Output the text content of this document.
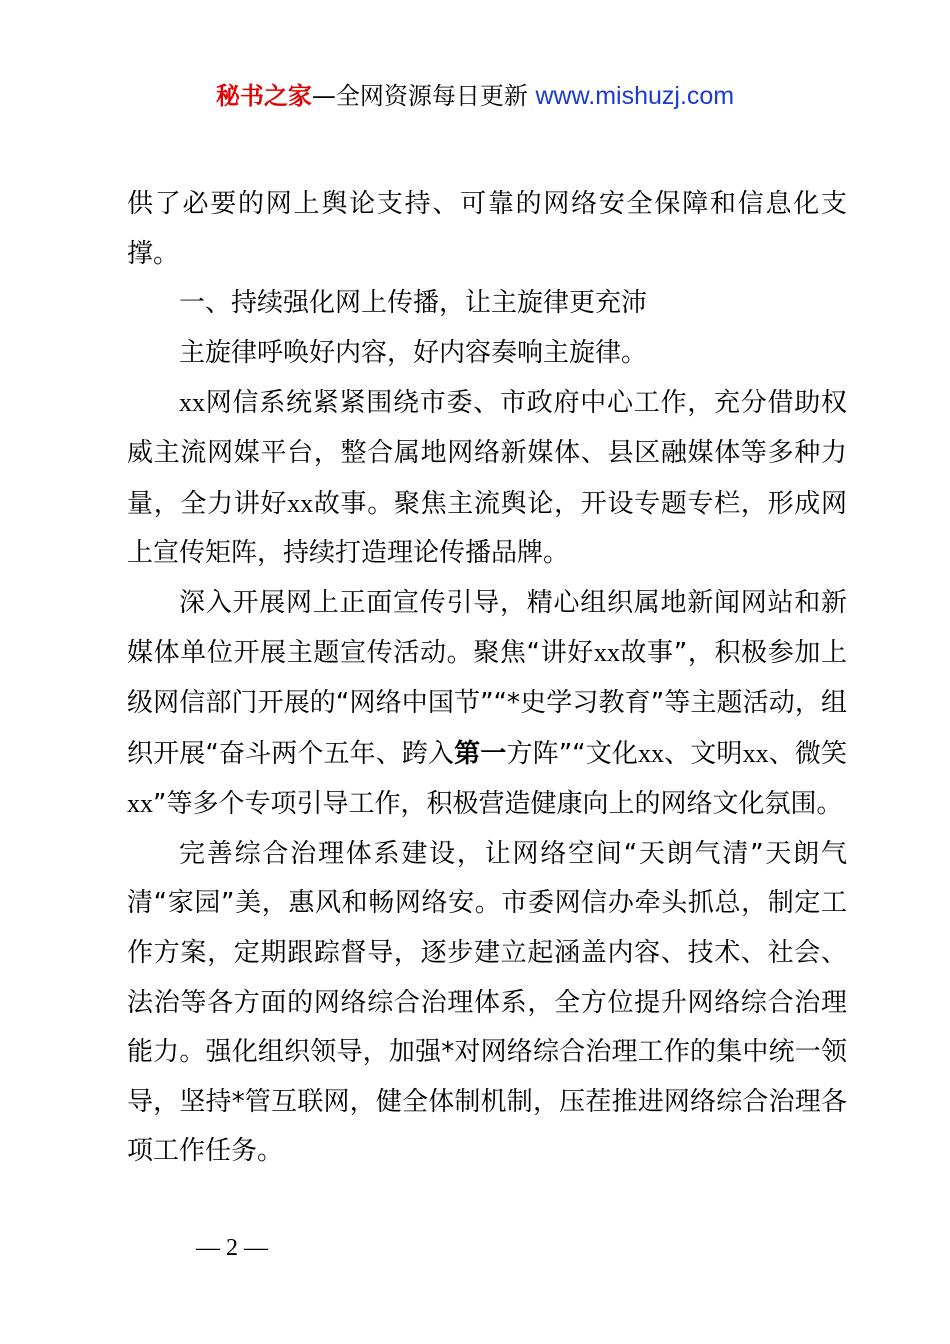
秘书之家—全网资源每日更新 www.mishuzj.com

供了必要的网上舆论支持、可靠的网络安全保障和信息化支撑。

一、持续强化网上传播，让主旋律更充沛

主旋律呼唤好内容，好内容奏响主旋律。

xx网信系统紧紧围绕市委、市政府中心工作，充分借助权威主流网媒平台，整合属地网络新媒体、县区融媒体等多种力量，全力讲好xx故事。聚焦主流舆论，开设专题专栏，形成网上宣传矩阵，持续打造理论传播品牌。

深入开展网上正面宣传引导，精心组织属地新闻网站和新媒体单位开展主题宣传活动。聚焦“讲好xx故事”，积极参加上级网信部门开展的“网络中国节”“*史学习教育”等主题活动，组织开展“奋斗两个五年、跨入第一方阵”“文化xx、文明xx、微笑xx”等多个专项引导工作，积极营造健康向上的网络文化氛围。

完善综合治理体系建设，让网络空间“天朗气清”天朗气清“家园”美，惠风和畅网络安。市委网信办牵头抓总，制定工作方案，定期跟踪督导，逐步建立起涵盖内容、技术、社会、法治等各方面的网络综合治理体系，全方位提升网络综合治理能力。强化组织领导，加强*对网络综合治理工作的集中统一领导，坚持*管互联网，健全体制机制，压茬推进网络综合治理各项工作任务。

— 2 —
